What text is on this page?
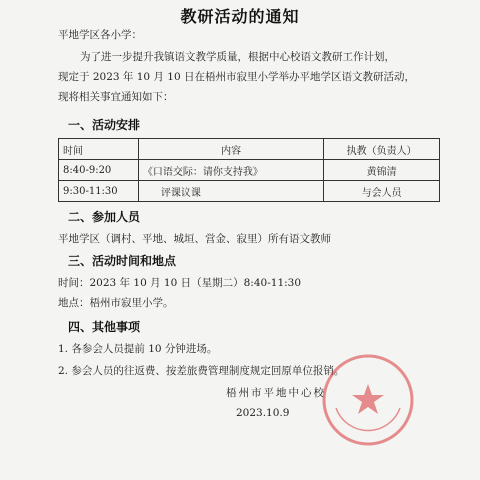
教研活动的通知
平地学区各小学：
为了进一步提升我镇语文教学质量，根据中心校语文教研工作计划，
现定于 2023 年 10 月 10 日在梧州市寂里小学举办平地学区语文教研活动，
现将相关事宜通知如下：
一、活动安排
时间	内容	执教（负责人）
8:40-9:20	《口语交际：请你支持我》	黄锦清
9:30-11:30	评课议课	与会人员
二、参加人员
平地学区（调村、平地、城垣、営金、寂里）所有语文教师
三、活动时间和地点
时间：2023 年 10 月 10 日（星期二）8:40-11:30
地点：梧州市寂里小学。
四、其他事项
1. 各参会人员提前 10 分钟进场。
2. 参会人员的往返费、按差旅费管理制度规定回原单位报销。
梧州市平地中心校
2023.10.9
